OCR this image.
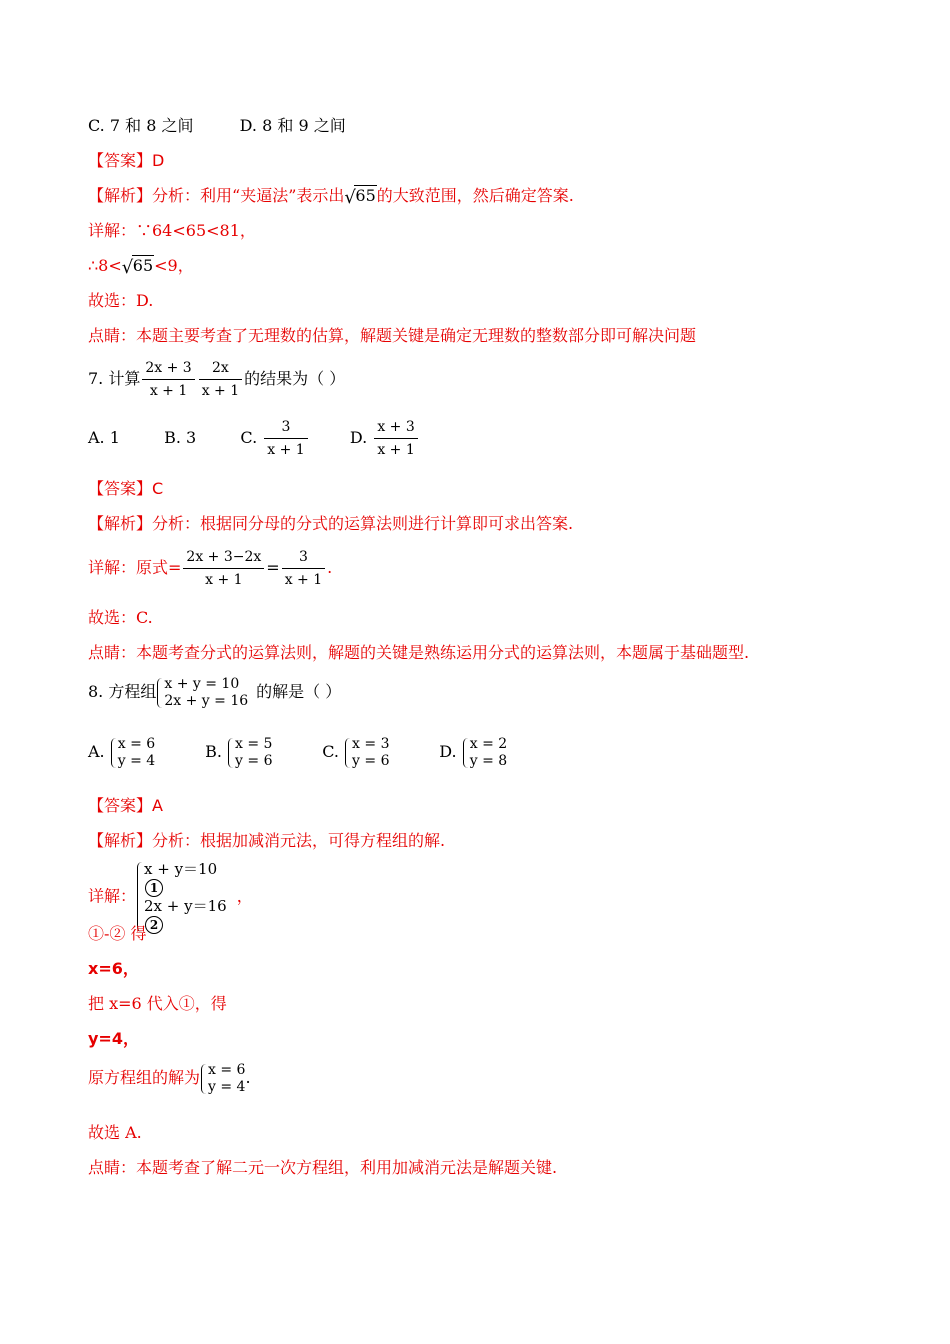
C. 7 和 8 之间	D. 8 和 9 之间
【答案】D
【解析】分析：利用“夹逼法”表示出 √ 65的大致范围，然后确定答案.
详解：∵64<65<81，
∴8< √ 65<9，
故选：D.
点睛：本题主要考查了无理数的估算，解题关键是确定无理数的整数部分即可解决问题
7. 计算 $\frac{2x + 3}{x + 1} \frac{2x}{x + 1}$ 的结果为（ ）
A. 1	B. 3	C. $\frac{3}{x + 1}$	D. $\frac{x + 3}{x + 1}$
【答案】C
【解析】分析：根据同分母的分式的运算法则进行计算即可求出答案.
详解：原式= $\frac{2x + 3-2x}{x + 1} = \frac{3}{x + 1}$ .
故选：C.
点睛：本题考查分式的运算法则，解题的关键是熟练运用分式的运算法则，本题属于基础题型.
8. 方程组 x + y = 10
2x + y = 16 的解是（ ）
A. x = 6
y = 4	B. x = 5
y = 6	C. x = 3
y = 6	D. x = 2
y = 8
【答案】A
【解析】分析：根据加减消元法，可得方程组的解.
详解：
x + y＝10
1
2x + y＝16
2
，
①-② 得
x=6，
把 x=6 代入①，得
y=4，
原方程组的解为 x = 6
y = 4 .
故选 A.
点睛：本题考查了解二元一次方程组，利用加减消元法是解题关键.
